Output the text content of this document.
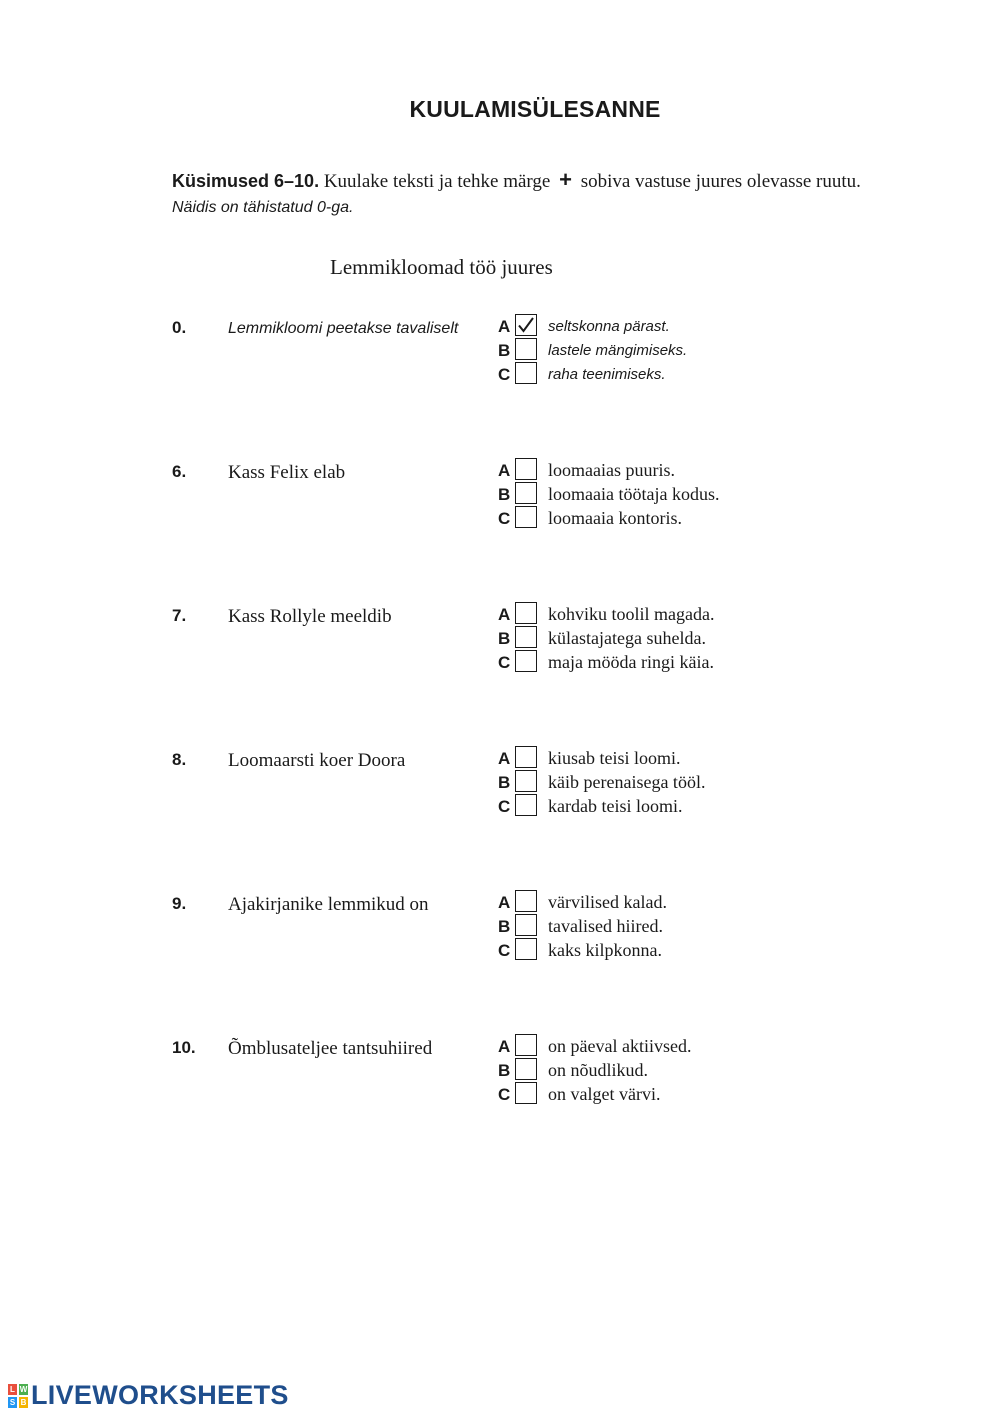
KUULAMISÜLESANNE
Küsimused 6–10. Kuulake teksti ja tehke märge + sobiva vastuse juures olevasse ruutu.
Näidis on tähistatud 0-ga.
Lemmikloomad töö juures
0.	Lemmikloomi peetakse tavaliselt A	seltskonna pärast.
B	lastele mängimiseks.
C	raha teenimiseks.
6. Kass Felix elab	A loomaaias puuris.
B loomaaia töötaja kodus.
C loomaaia kontoris.
7. Kass Rollyle meeldib	A kohviku toolil magada.
B külastajatega suhelda.
C maja mööda ringi käia.
8. Loomaarsti koer Doora	A kiusab teisi loomi.
B käib perenaisega tööl.
C kardab teisi loomi.
9. Ajakirjanike lemmikud on	A värvilised kalad.
B tavalised hiired.
C kaks kilpkonna.
10. Õmblusateljee tantsuhiired	A on päeval aktiivsed.
B on nõudlikud.
C on valget värvi.
L W
S B LIVEWORKSHEETS
